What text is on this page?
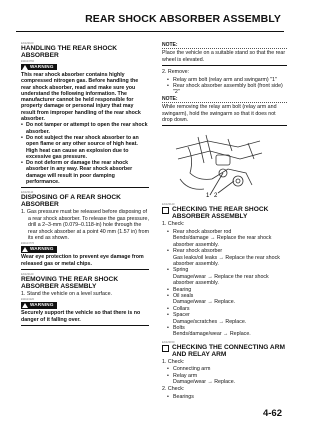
REAR SHOCK ABSORBER ASSEMBLY
EAS23100
HANDLING THE REAR SHOCK ABSORBER
EWA13760
WARNING
This rear shock absorber contains highly compressed nitrogen gas. Before handling the rear shock absorber, read and make sure you understand the following information. The manufacturer cannot be held responsible for property damage or personal injury that may result from improper handling of the rear shock absorber.
• Do not tamper or attempt to open the rear shock absorber.
• Do not subject the rear shock absorber to an open flame or any other source of high heat. High heat can cause an explosion due to excessive gas pressure.
• Do not deform or damage the rear shock absorber in any way. Rear shock absorber damage will result in poor damping performance.
EAS23110
DISPOSING OF A REAR SHOCK ABSORBER
1. Gas pressure must be released before disposing of a rear shock absorber. To release the gas pressure, drill a 2–3-mm (0.079–0.118-in) hole through the rear shock absorber at a point 40 mm (1.57 in) from its end as shown.
EWA13770
WARNING
Wear eye protection to prevent eye damage from released gas or metal chips.
EAS23120
REMOVING THE REAR SHOCK ABSORBER ASSEMBLY
1. Stand the vehicle on a level surface.
EWA13120
WARNING
Securely support the vehicle so that there is no danger of it falling over.
NOTE:
Place the vehicle on a suitable stand so that the rear wheel is elevated.
2. Remove:
• Relay arm bolt (relay arm and swingarm) "1"
• Rear shock absorber assembly bolt (front side) "2"
NOTE:
While removing the relay arm bolt (relay arm and swingarm), hold the swingarm so that it does not drop down.
1 2
EAS23140
CHECKING THE REAR SHOCK ABSORBER ASSEMBLY
1. Check:
• Rear shock absorber rod
Bends/damage → Replace the rear shock absorber assembly.
• Rear shock absorber
Gas leaks/oil leaks → Replace the rear shock absorber assembly.
• Spring
Damage/wear → Replace the rear shock absorber assembly.
• Bearing
• Oil seals
Damage/wear → Replace.
• Collars
• Spacer
Damage/scratches → Replace.
• Bolts
Bends/damage/wear → Replace.
EAS23150
CHECKING THE CONNECTING ARM AND RELAY ARM
1. Check:
• Connecting arm
• Relay arm
Damage/wear → Replace.
2. Check:
• Bearings
4-62
